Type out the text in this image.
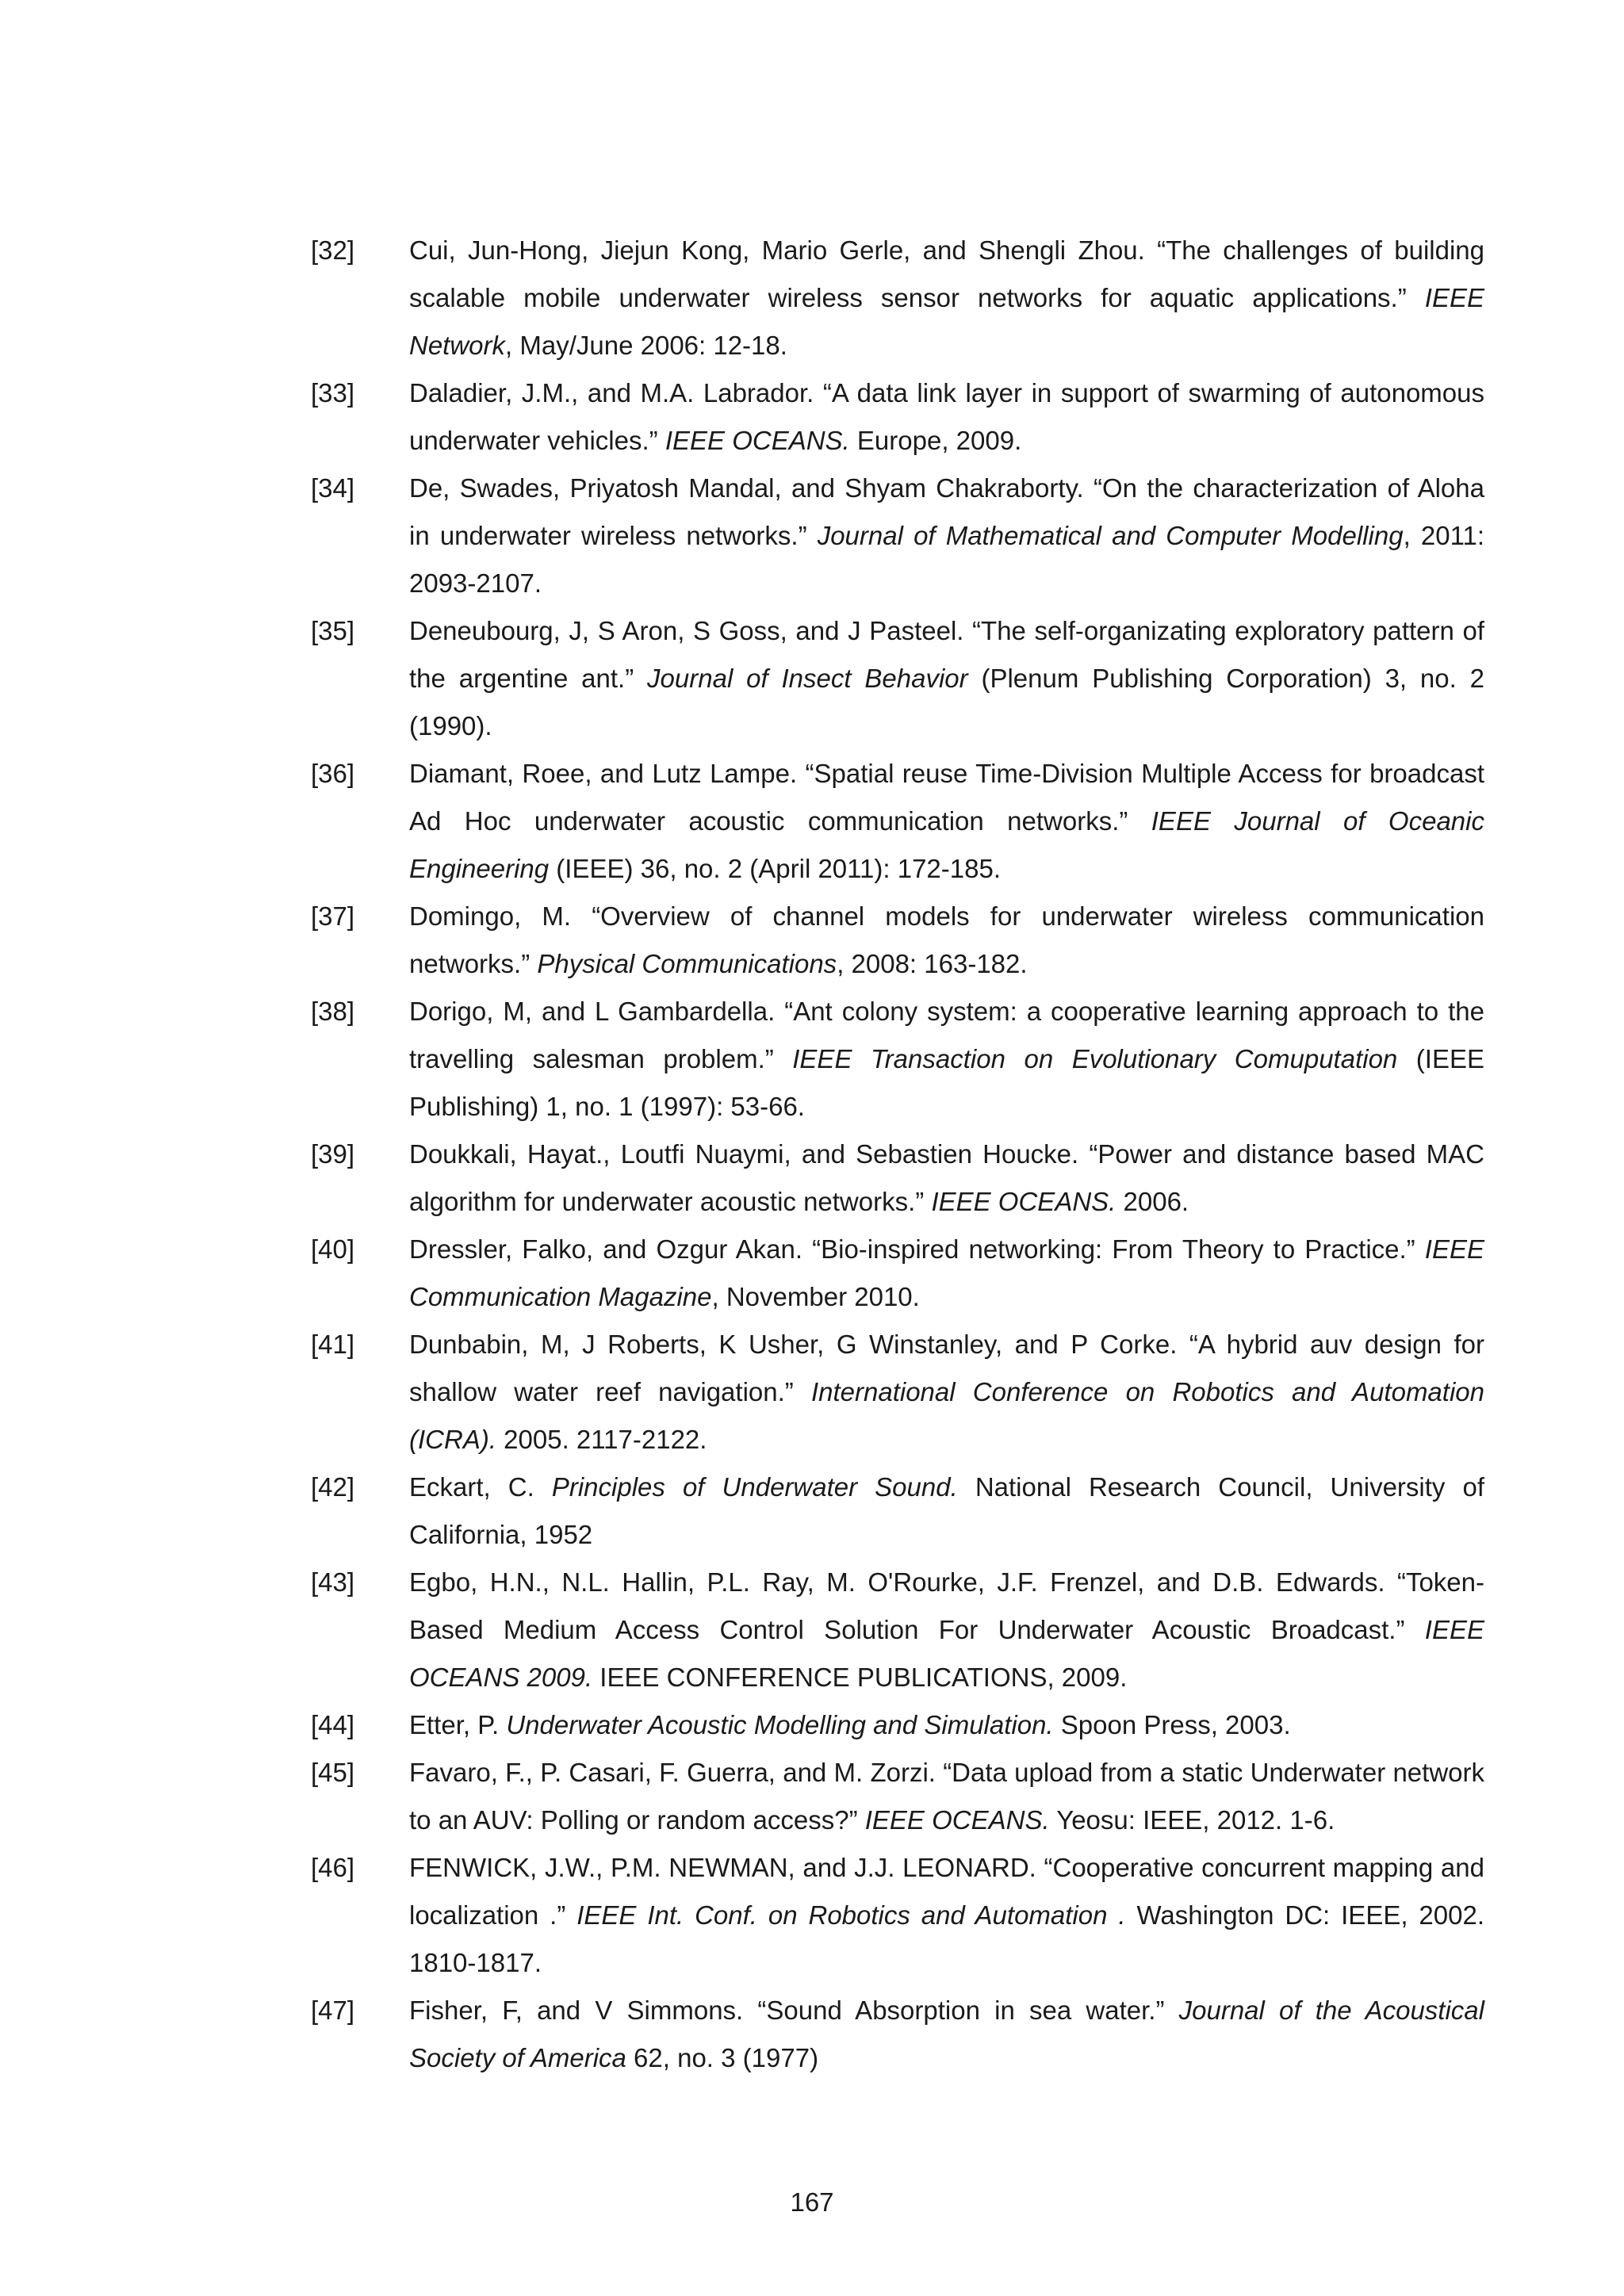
[32]	Cui, Jun-Hong, Jiejun Kong, Mario Gerle, and Shengli Zhou. “The challenges of building scalable mobile underwater wireless sensor networks for aquatic applications.” IEEE Network, May/June 2006: 12-18.
[33]	Daladier, J.M., and M.A. Labrador. “A data link layer in support of swarming of autonomous underwater vehicles.” IEEE OCEANS. Europe, 2009.
[34]	De, Swades, Priyatosh Mandal, and Shyam Chakraborty. “On the characterization of Aloha in underwater wireless networks.” Journal of Mathematical and Computer Modelling, 2011: 2093-2107.
[35]	Deneubourg, J, S Aron, S Goss, and J Pasteel. “The self-organizating exploratory pattern of the argentine ant.” Journal of Insect Behavior (Plenum Publishing Corporation) 3, no. 2 (1990).
[36]	Diamant, Roee, and Lutz Lampe. “Spatial reuse Time-Division Multiple Access for broadcast Ad Hoc underwater acoustic communication networks.” IEEE Journal of Oceanic Engineering (IEEE) 36, no. 2 (April 2011): 172-185.
[37]	Domingo, M. “Overview of channel models for underwater wireless communication networks.” Physical Communications, 2008: 163-182.
[38]	Dorigo, M, and L Gambardella. “Ant colony system: a cooperative learning approach to the travelling salesman problem.” IEEE Transaction on Evolutionary Comuputation (IEEE Publishing) 1, no. 1 (1997): 53-66.
[39]	Doukkali, Hayat., Loutfi Nuaymi, and Sebastien Houcke. “Power and distance based MAC algorithm for underwater acoustic networks.” IEEE OCEANS. 2006.
[40]	Dressler, Falko, and Ozgur Akan. “Bio-inspired networking: From Theory to Practice.” IEEE Communication Magazine, November 2010.
[41]	Dunbabin, M, J Roberts, K Usher, G Winstanley, and P Corke. “A hybrid auv design for shallow water reef navigation.” International Conference on Robotics and Automation (ICRA). 2005. 2117-2122.
[42]	Eckart, C. Principles of Underwater Sound. National Research Council, University of California, 1952
[43]	Egbo, H.N., N.L. Hallin, P.L. Ray, M. O'Rourke, J.F. Frenzel, and D.B. Edwards. “Token-Based Medium Access Control Solution For Underwater Acoustic Broadcast.” IEEE OCEANS 2009. IEEE CONFERENCE PUBLICATIONS, 2009.
[44]	Etter, P. Underwater Acoustic Modelling and Simulation. Spoon Press, 2003.
[45]	Favaro, F., P. Casari, F. Guerra, and M. Zorzi. “Data upload from a static Underwater network to an AUV: Polling or random access?” IEEE OCEANS. Yeosu: IEEE, 2012. 1-6.
[46]	FENWICK, J.W., P.M. NEWMAN, and J.J. LEONARD. “Cooperative concurrent mapping and localization .” IEEE Int. Conf. on Robotics and Automation . Washington DC: IEEE, 2002. 1810-1817.
[47]	Fisher, F, and V Simmons. “Sound Absorption in sea water.” Journal of the Acoustical Society of America 62, no. 3 (1977)
167
